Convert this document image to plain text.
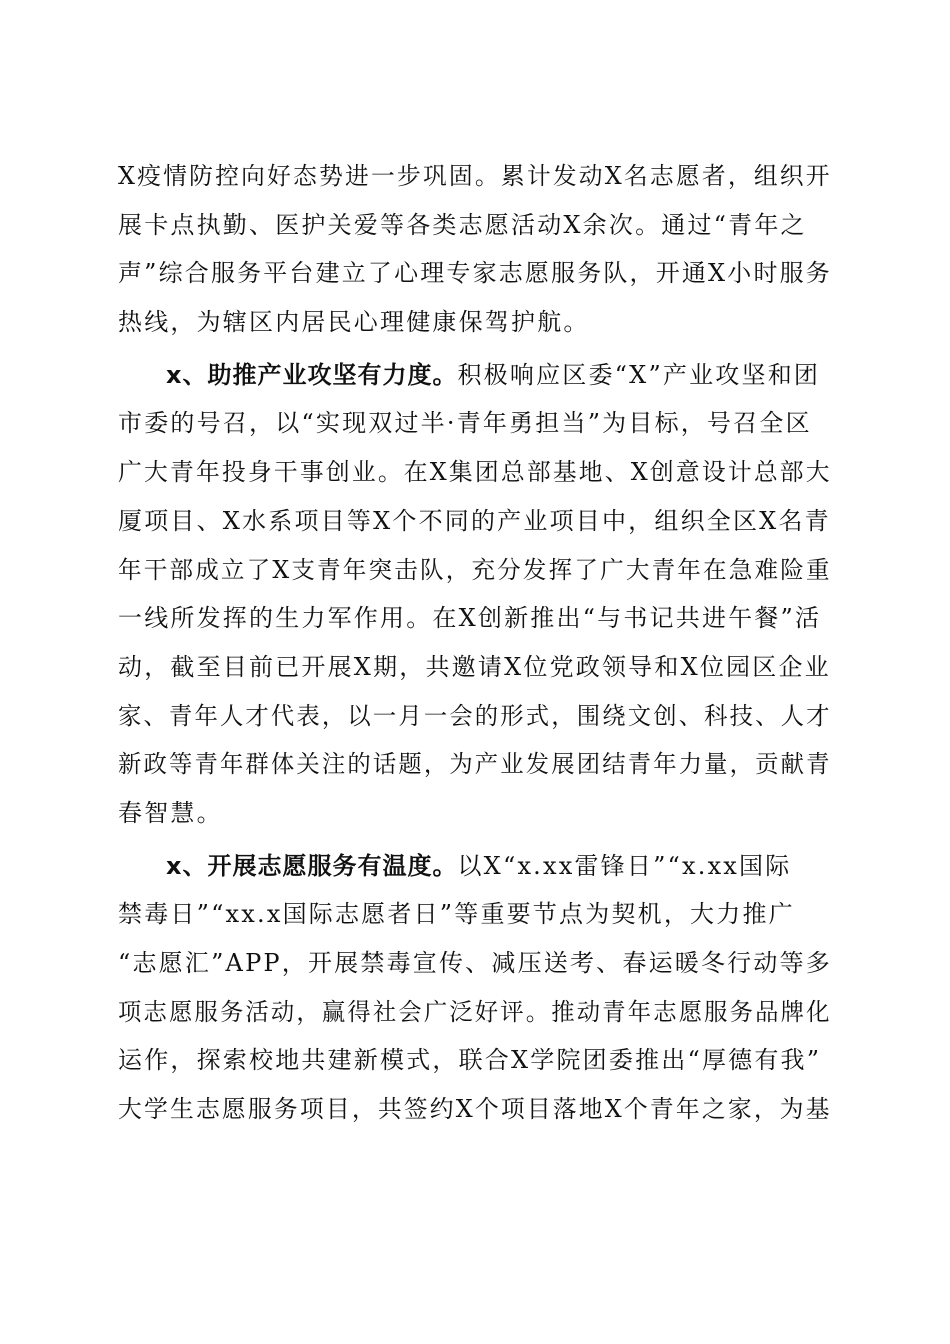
X疫情防控向好态势进一步巩固。累计发动X名志愿者，组织开
展卡点执勤、医护关爱等各类志愿活动X余次。通过“青年之
声”综合服务平台建立了心理专家志愿服务队，开通X小时服务
热线，为辖区内居民心理健康保驾护航。
x、助推产业攻坚有力度。积极响应区委“X”产业攻坚和团
市委的号召，以“实现双过半·青年勇担当”为目标，号召全区
广大青年投身干事创业。在X集团总部基地、X创意设计总部大
厦项目、X水系项目等X个不同的产业项目中，组织全区X名青
年干部成立了X支青年突击队，充分发挥了广大青年在急难险重
一线所发挥的生力军作用。在X创新推出“与书记共进午餐”活
动，截至目前已开展X期，共邀请X位党政领导和X位园区企业
家、青年人才代表，以一月一会的形式，围绕文创、科技、人才
新政等青年群体关注的话题，为产业发展团结青年力量，贡献青
春智慧。
x、开展志愿服务有温度。以X“x.xx雷锋日”“x.xx国际
禁毒日”“xx.x国际志愿者日”等重要节点为契机，大力推广
“志愿汇”APP，开展禁毒宣传、减压送考、春运暖冬行动等多
项志愿服务活动，赢得社会广泛好评。推动青年志愿服务品牌化
运作，探索校地共建新模式，联合X学院团委推出“厚德有我”
大学生志愿服务项目，共签约X个项目落地X个青年之家，为基
